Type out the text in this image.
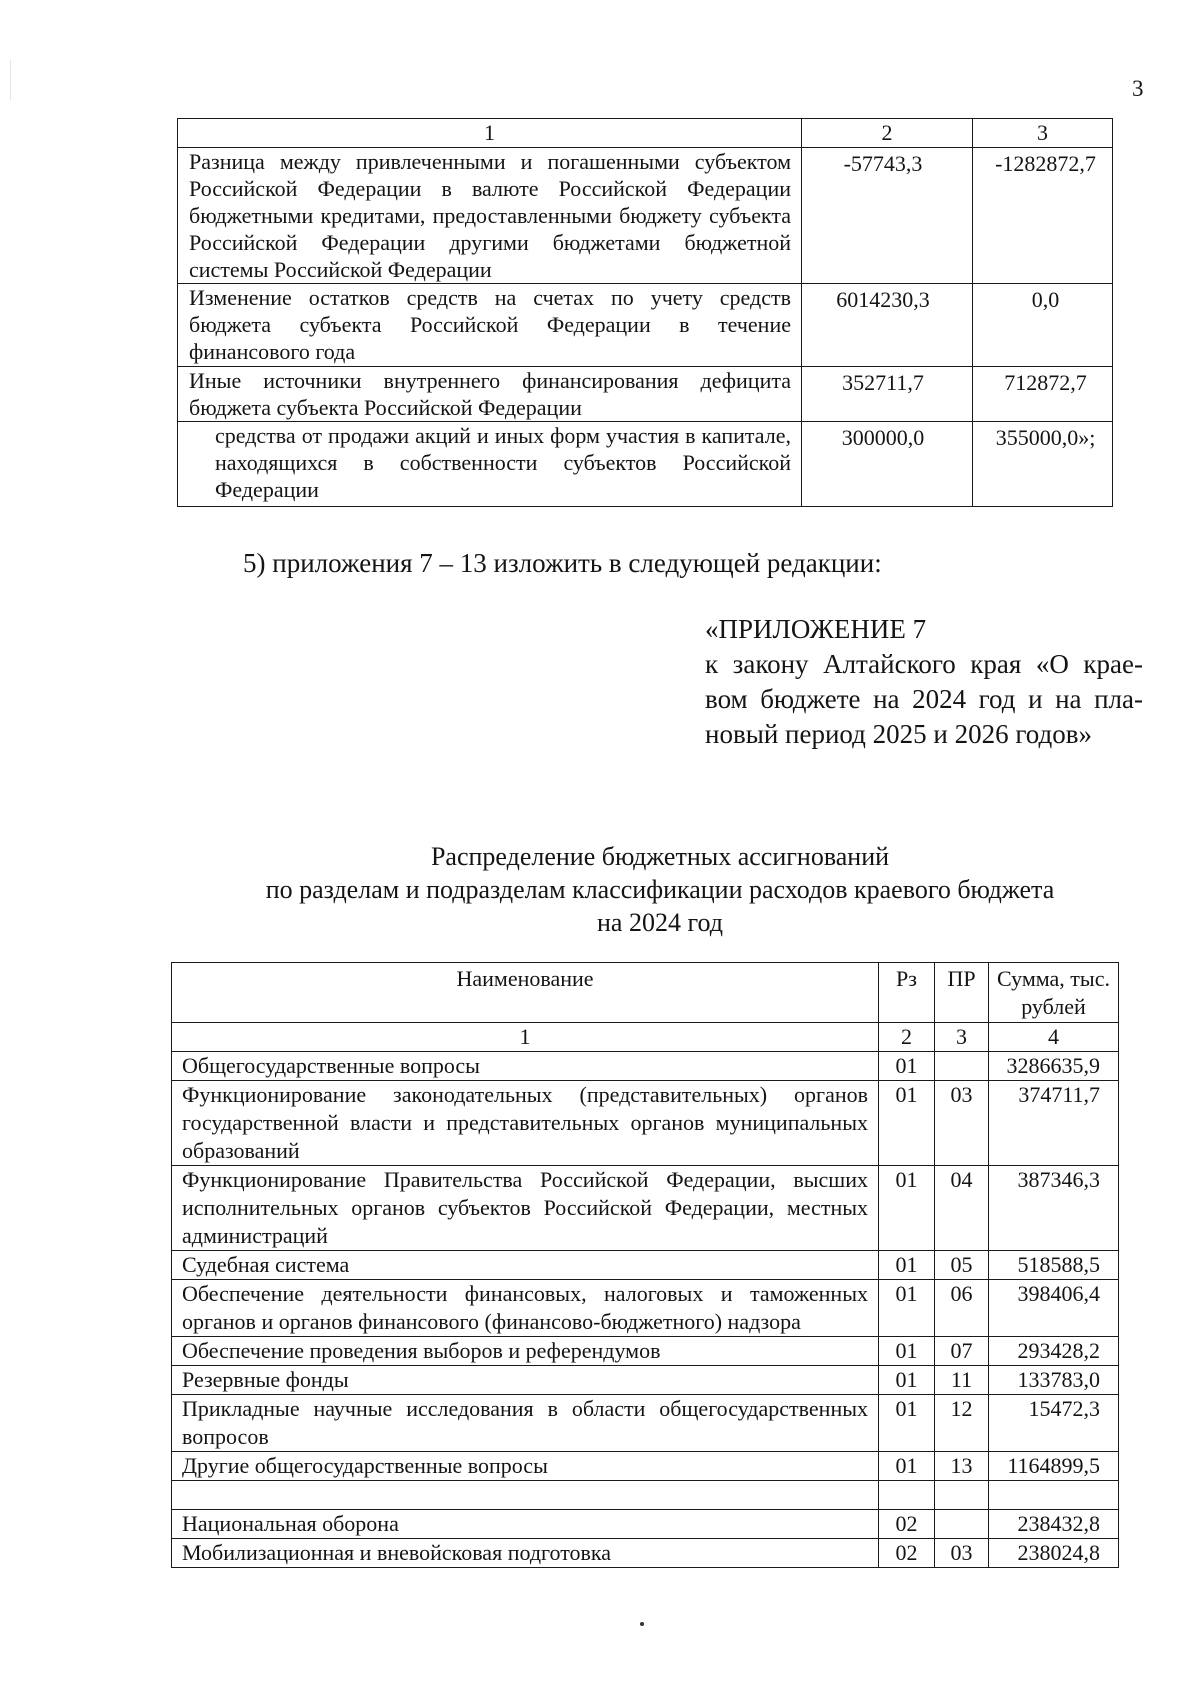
3
1	2	3
Разница между привлеченными и погашенными субъектом Российской Федерации в валюте Российской Федерации бюджетными кредитами, предоставленными бюджету субъекта Российской Федерации другими бюджетами бюджетной системы Российской Федерации	-57743,3	-1282872,7
Изменение остатков средств на счетах по учету средств бюджета субъекта Российской Федерации в течение финансового года	6014230,3	0,0
Иные источники внутреннего финансирования дефицита бюджета субъекта Российской Федерации	352711,7	712872,7
средства от продажи акций и иных форм участия в капитале, находящихся в собственности субъектов Российской Федерации	300000,0	355000,0»;
5) приложения 7 – 13 изложить в следующей редакции:
«ПРИЛОЖЕНИЕ 7
к закону Алтайского края «О крае-
вом бюджете на 2024 год и на пла-
новый период 2025 и 2026 годов»
Распределение бюджетных ассигнований
по разделам и подразделам классификации расходов краевого бюджета
на 2024 год
Наименование	Рз	ПР	Сумма, тыс. рублей
1	2	3	4
Общегосударственные вопросы	01		3286635,9
Функционирование законодательных (представительных) органов государственной власти и представительных органов муниципальных образований	01	03	374711,7
Функционирование Правительства Российской Федерации, высших исполнительных органов субъектов Российской Федерации, местных администраций	01	04	387346,3
Судебная система	01	05	518588,5
Обеспечение деятельности финансовых, налоговых и таможенных органов и органов финансового (финансово-бюджетного) надзора	01	06	398406,4
Обеспечение проведения выборов и референдумов	01	07	293428,2
Резервные фонды	01	11	133783,0
Прикладные научные исследования в области общегосударственных вопросов	01	12	15472,3
Другие общегосударственные вопросы	01	13	1164899,5

Национальная оборона	02		238432,8
Мобилизационная и вневойсковая подготовка	02	03	238024,8
